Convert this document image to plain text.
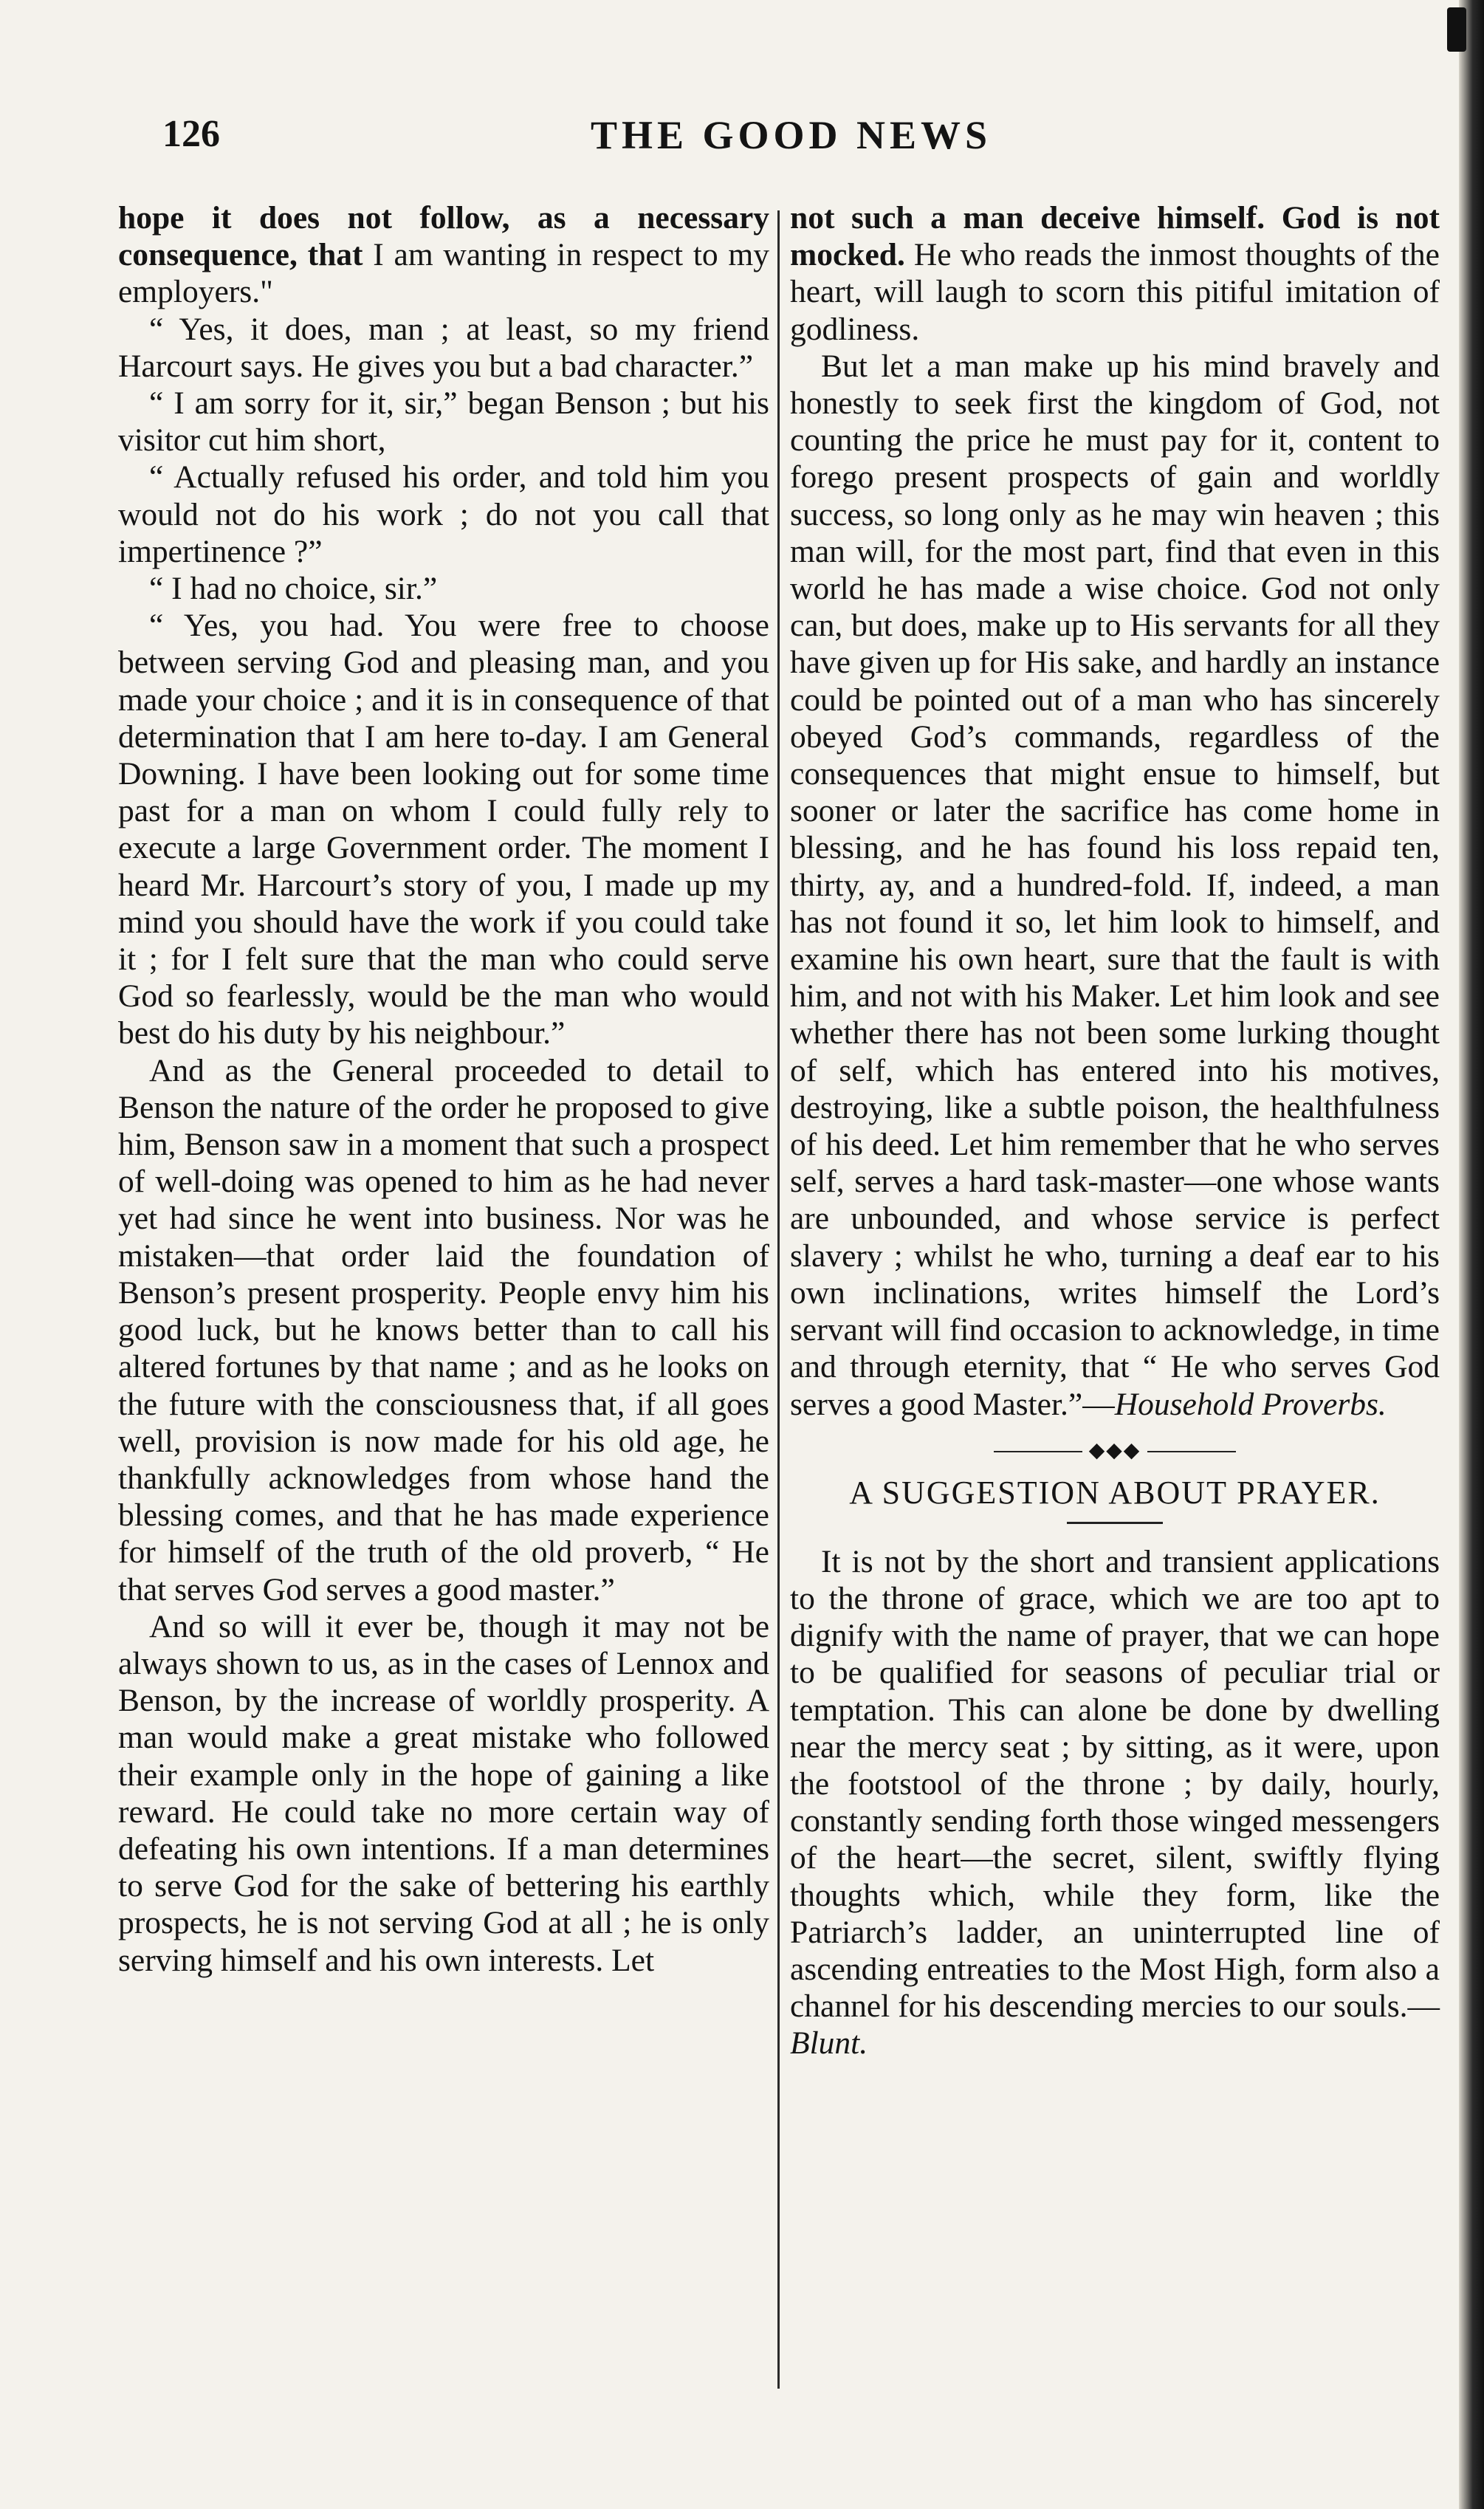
126	THE GOOD NEWS

hope it does not follow, as a necessary consequence, that I am wanting in respect to my employers."

“ Yes, it does, man ; at least, so my friend Harcourt says. He gives you but a bad character.”

“ I am sorry for it, sir,” began Benson ; but his visitor cut him short,

“ Actually refused his order, and told him you would not do his work ; do not you call that impertinence ?”

“ I had no choice, sir.”

“ Yes, you had. You were free to choose between serving God and pleasing man, and you made your choice ; and it is in consequence of that determination that I am here to-day. I am General Downing. I have been looking out for some time past for a man on whom I could fully rely to execute a large Government order. The moment I heard Mr. Harcourt’s story of you, I made up my mind you should have the work if you could take it ; for I felt sure that the man who could serve God so fearlessly, would be the man who would best do his duty by his neighbour.”

And as the General proceeded to detail to Benson the nature of the order he proposed to give him, Benson saw in a moment that such a prospect of well-doing was opened to him as he had never yet had since he went into business. Nor was he mistaken—that order laid the foundation of Benson’s present prosperity. People envy him his good luck, but he knows better than to call his altered fortunes by that name ; and as he looks on the future with the consciousness that, if all goes well, provision is now made for his old age, he thankfully acknowledges from whose hand the blessing comes, and that he has made experience for himself of the truth of the old proverb, “ He that serves God serves a good master.”

And so will it ever be, though it may not be always shown to us, as in the cases of Lennox and Benson, by the increase of worldly prosperity. A man would make a great mistake who followed their example only in the hope of gaining a like reward. He could take no more certain way of defeating his own intentions. If a man determines to serve God for the sake of bettering his earthly prospects, he is not serving God at all ; he is only serving himself and his own interests. Let

not such a man deceive himself. God is not mocked. He who reads the inmost thoughts of the heart, will laugh to scorn this pitiful imitation of godliness.

But let a man make up his mind bravely and honestly to seek first the kingdom of God, not counting the price he must pay for it, content to forego present prospects of gain and worldly success, so long only as he may win heaven ; this man will, for the most part, find that even in this world he has made a wise choice. God not only can, but does, make up to His servants for all they have given up for His sake, and hardly an instance could be pointed out of a man who has sincerely obeyed God’s commands, regardless of the consequences that might ensue to himself, but sooner or later the sacrifice has come home in blessing, and he has found his loss repaid ten, thirty, ay, and a hundred-fold. If, indeed, a man has not found it so, let him look to himself, and examine his own heart, sure that the fault is with him, and not with his Maker. Let him look and see whether there has not been some lurking thought of self, which has entered into his motives, destroying, like a subtle poison, the healthfulness of his deed. Let him remember that he who serves self, serves a hard task-master—one whose wants are unbounded, and whose service is perfect slavery ; whilst he who, turning a deaf ear to his own inclinations, writes himself the Lord’s servant will find occasion to acknowledge, in time and through eternity, that “ He who serves God serves a good Master.”—Household Proverbs.

◆◆◆
A SUGGESTION ABOUT PRAYER.

It is not by the short and transient applications to the throne of grace, which we are too apt to dignify with the name of prayer, that we can hope to be qualified for seasons of peculiar trial or temptation. This can alone be done by dwelling near the mercy seat ; by sitting, as it were, upon the footstool of the throne ; by daily, hourly, constantly sending forth those winged messengers of the heart—the secret, silent, swiftly flying thoughts which, while they form, like the Patriarch’s ladder, an uninterrupted line of ascending entreaties to the Most High, form also a channel for his descending mercies to our souls.—Blunt.
